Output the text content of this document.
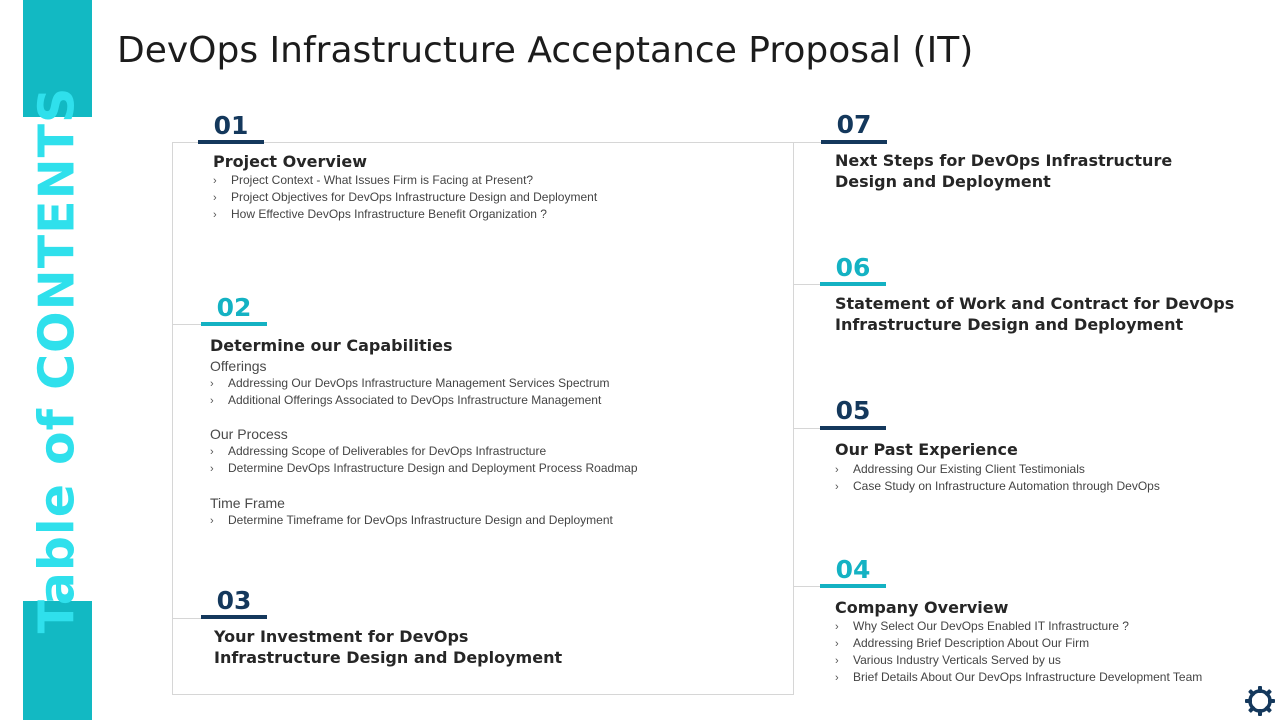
Table of CONTENTS
DevOps Infrastructure Acceptance Proposal (IT)
01

Project Overview

› Project Context - What Issues Firm is Facing at Present?
› Project Objectives for DevOps Infrastructure Design and Deployment
› How Effective DevOps Infrastructure Benefit Organization ?
02

Determine our Capabilities

Offerings

› Addressing Our DevOps Infrastructure Management Services Spectrum
› Additional Offerings Associated to DevOps Infrastructure Management

Our Process

› Addressing Scope of Deliverables for DevOps Infrastructure
› Determine DevOps Infrastructure Design and Deployment Process Roadmap

Time Frame

› Determine Timeframe for DevOps Infrastructure Design and Deployment
03

Your Investment for DevOps

Infrastructure Design and Deployment

07

Next Steps for DevOps Infrastructure

Design and Deployment

06

Statement of Work and Contract for DevOps

Infrastructure Design and Deployment

05

Our Past Experience

› Addressing Our Existing Client Testimonials
› Case Study on Infrastructure Automation through DevOps
04

Company Overview

› Why Select Our DevOps Enabled IT Infrastructure ?
› Addressing Brief Description About Our Firm
› Various Industry Verticals Served by us
› Brief Details About Our DevOps Infrastructure Development Team
